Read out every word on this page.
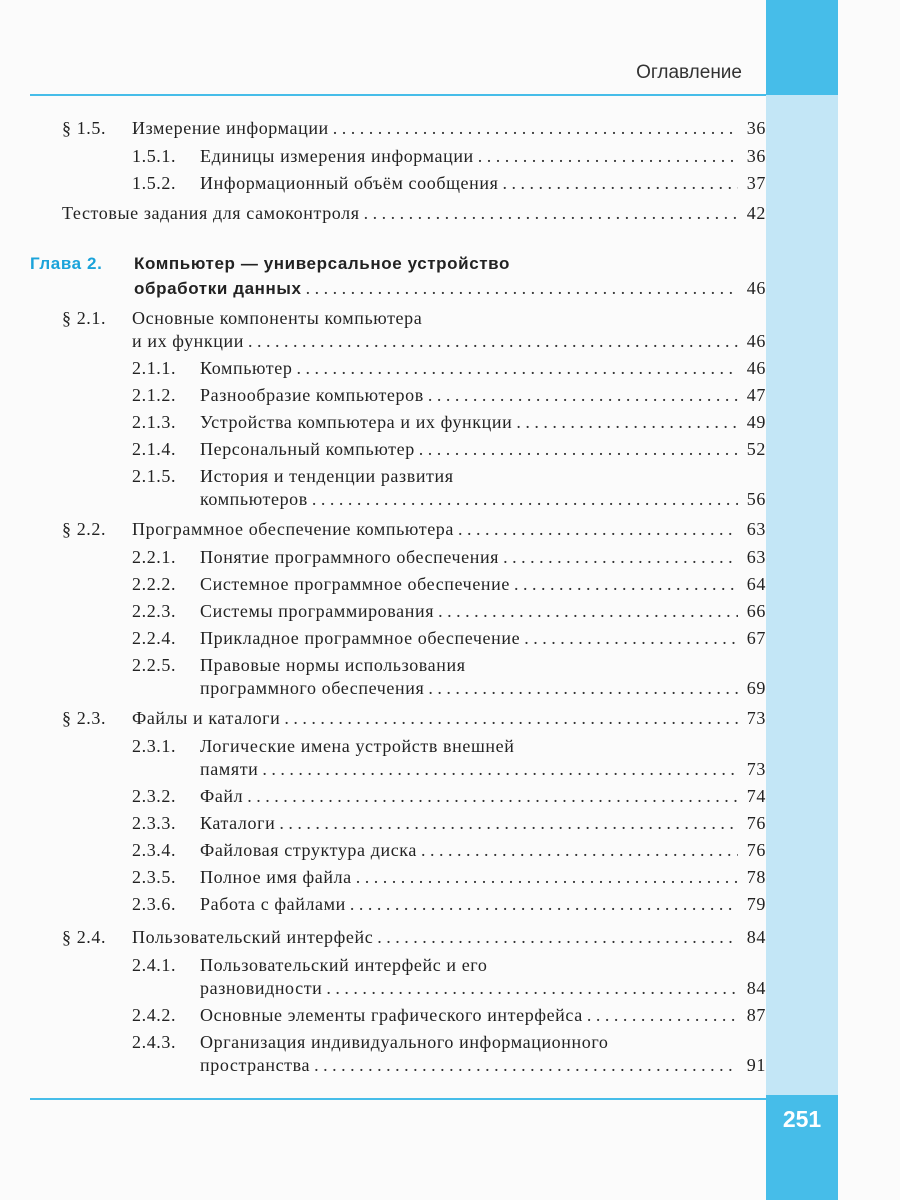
Оглавление
251
§ 1.5.	Измерение информации . . .	36
1.5.1.	Единицы измерения информации . . .	36
1.5.2.	Информационный объём сообщения . . .	37
Тестовые задания для самоконтроля . . .	42
Глава 2.	Компьютер — универсальное устройство
обработки данных . . .	46
§ 2.1.	Основные компоненты компьютера
и их функции . . .	46
2.1.1.	Компьютер . . .	46
2.1.2.	Разнообразие компьютеров . . .	47
2.1.3.	Устройства компьютера и их функции . . .	49
2.1.4.	Персональный компьютер . . .	52
2.1.5.	История и тенденции развития
компьютеров . . .	56
§ 2.2.	Программное обеспечение компьютера . . .	63
2.2.1.	Понятие программного обеспечения . . .	63
2.2.2.	Системное программное обеспечение . . .	64
2.2.3.	Системы программирования . . .	66
2.2.4.	Прикладное программное обеспечение . . .	67
2.2.5.	Правовые нормы использования
программного обеспечения . . .	69
§ 2.3.	Файлы и каталоги . . .	73
2.3.1.	Логические имена устройств внешней
памяти . . .	73
2.3.2.	Файл . . .	74
2.3.3.	Каталоги . . .	76
2.3.4.	Файловая структура диска . . .	76
2.3.5.	Полное имя файла . . .	78
2.3.6.	Работа с файлами . . .	79
§ 2.4.	Пользовательский интерфейс . . .	84
2.4.1.	Пользовательский интерфейс и его
разновидности . . .	84
2.4.2.	Основные элементы графического интерфейса . . .	87
2.4.3.	Организация индивидуального информационного
пространства . . .	91
